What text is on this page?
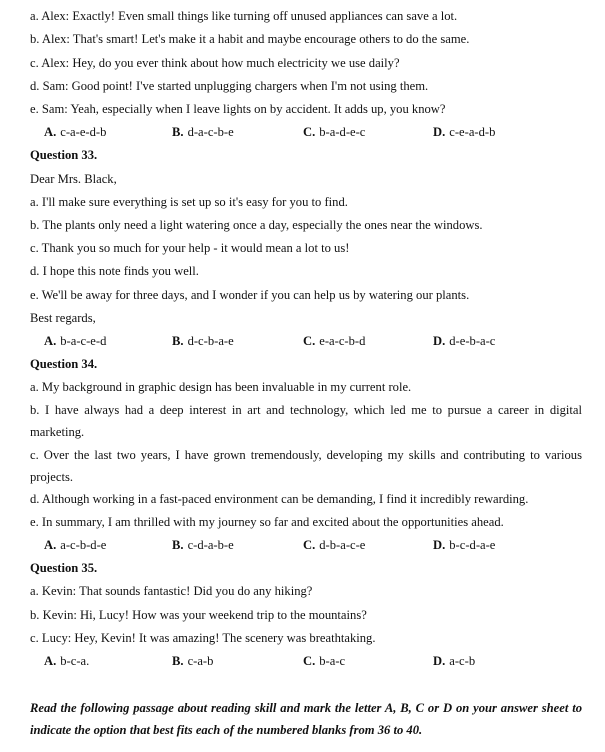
a. Alex: Exactly! Even small things like turning off unused appliances can save a lot.
b. Alex: That's smart! Let's make it a habit and maybe encourage others to do the same.
c. Alex: Hey, do you ever think about how much electricity we use daily?
d. Sam: Good point! I've started unplugging chargers when I'm not using them.
e. Sam: Yeah, especially when I leave lights on by accident. It adds up, you know?
A. c-a-e-d-b	B. d-a-c-b-e	C. b-a-d-e-c	D. c-e-a-d-b
Question 33.
Dear Mrs. Black,
a. I'll make sure everything is set up so it's easy for you to find.
b. The plants only need a light watering once a day, especially the ones near the windows.
c. Thank you so much for your help - it would mean a lot to us!
d. I hope this note finds you well.
e. We'll be away for three days, and I wonder if you can help us by watering our plants.
Best regards,
A. b-a-c-e-d	B. d-c-b-a-e	C. e-a-c-b-d	D. d-e-b-a-c
Question 34.
a. My background in graphic design has been invaluable in my current role.
b. I have always had a deep interest in art and technology, which led me to pursue a career in digital marketing.
c. Over the last two years, I have grown tremendously, developing my skills and contributing to various projects.
d. Although working in a fast-paced environment can be demanding, I find it incredibly rewarding.
e. In summary, I am thrilled with my journey so far and excited about the opportunities ahead.
A. a-c-b-d-e	B. c-d-a-b-e	C. d-b-a-c-e	D. b-c-d-a-e
Question 35.
a. Kevin: That sounds fantastic! Did you do any hiking?
b. Kevin: Hi, Lucy! How was your weekend trip to the mountains?
c. Lucy: Hey, Kevin! It was amazing! The scenery was breathtaking.
A. b-c-a.	B. c-a-b	C. b-a-c	D. a-c-b
Read the following passage about reading skill and mark the letter A, B, C or D on your answer sheet to indicate the option that best fits each of the numbered blanks from 36 to 40.
